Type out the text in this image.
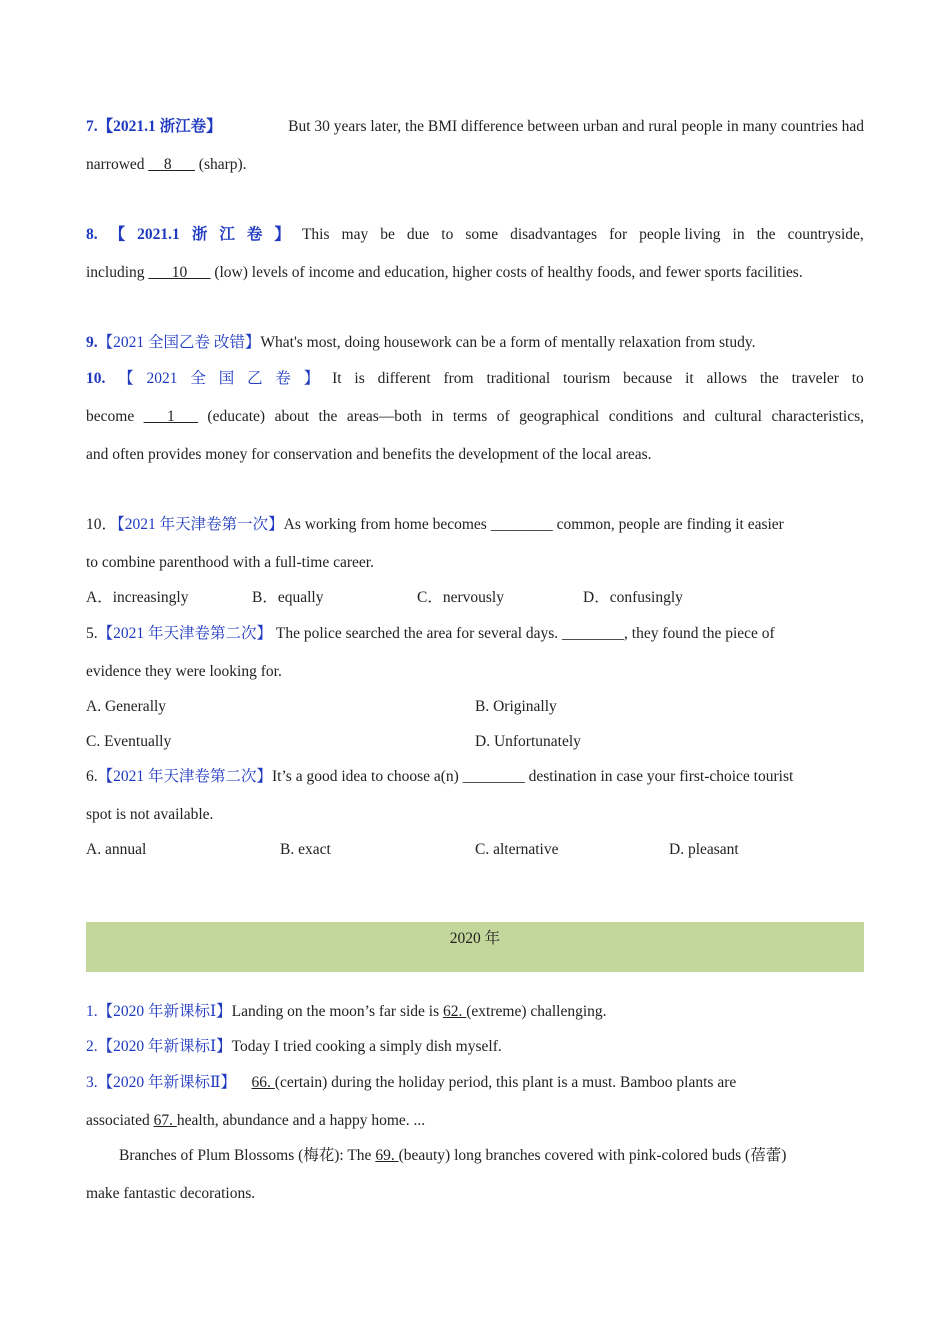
7.【2021.1 浙江卷】	But 30 years later, the BMI difference between urban and rural people in many countries had
narrowed __8___ (sharp).
8. 【 2021.1 浙 江 卷 】 This may be due to some disadvantages for people living in the countryside,
including ___10___ (low) levels of income and education, higher costs of healthy foods, and fewer sports facilities.
9.【2021 全国乙卷 改错】What's most, doing housework can be a form of mentally relaxation from study.
10. 【 2021 全 国 乙 卷 】 It is different from traditional tourism because it allows the traveler to
become ___1___ (educate) about the areas—both in terms of geographical conditions and cultural characteristics,
and often provides money for conservation and benefits the development of the local areas.
10．【2021 年天津卷第一次】As working from home becomes ________ common, people are finding it easier
to combine parenthood with a full-time career.
A．increasingly	B．equally	C．nervously	D．confusingly
5.【2021 年天津卷第二次】 The police searched the area for several days. ________, they found the piece of
evidence they were looking for.
A. Generally	B. Originally
C. Eventually	D. Unfortunately
6.【2021 年天津卷第二次】It’s a good idea to choose a(n) ________ destination in case your first-choice tourist
spot is not available.
A. annual	B. exact	C. alternative	D. pleasant
1.【2020 年新课标Ⅰ】Landing on the moon’s far side is 62. (extreme) challenging.
2.【2020 年新课标Ⅰ】Today I tried cooking a simply dish myself.
3.【2020 年新课标Ⅱ】 66. (certain) during the holiday period, this plant is a must. Bamboo plants are
associated 67. health, abundance and a happy home. ...
Branches of Plum Blossoms (梅花): The 69. (beauty) long branches covered with pink-colored buds (蓓蕾)
make fantastic decorations.
2020 年
